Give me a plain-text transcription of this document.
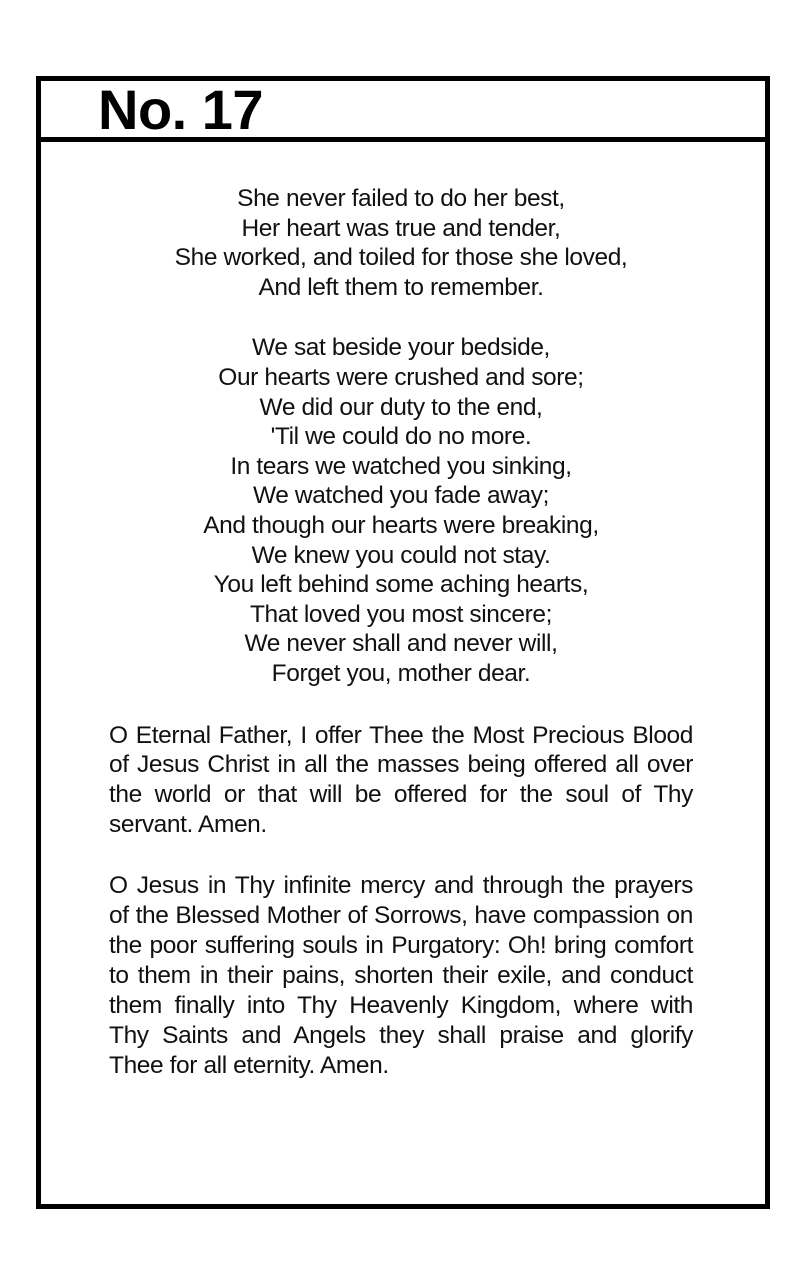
No. 17

She never failed to do her best,
Her heart was true and tender,
She worked, and toiled for those she loved,
And left them to remember.

We sat beside your bedside,
Our hearts were crushed and sore;
We did our duty to the end,
'Til we could do no more.
In tears we watched you sinking,
We watched you fade away;
And though our hearts were breaking,
We knew you could not stay.
You left behind some aching hearts,
That loved you most sincere;
We never shall and never will,
Forget you, mother dear.

O Eternal Father, I offer Thee the Most Precious Blood of Jesus Christ in all the masses being offered all over the world or that will be offered for the soul of Thy servant. Amen.

O Jesus in Thy infinite mercy and through the prayers of the Blessed Mother of Sorrows, have compassion on the poor suffering souls in Purgatory: Oh! bring comfort to them in their pains, shorten their exile, and conduct them finally into Thy Heavenly Kingdom, where with Thy Saints and Angels they shall praise and glorify Thee for all eternity. Amen.
